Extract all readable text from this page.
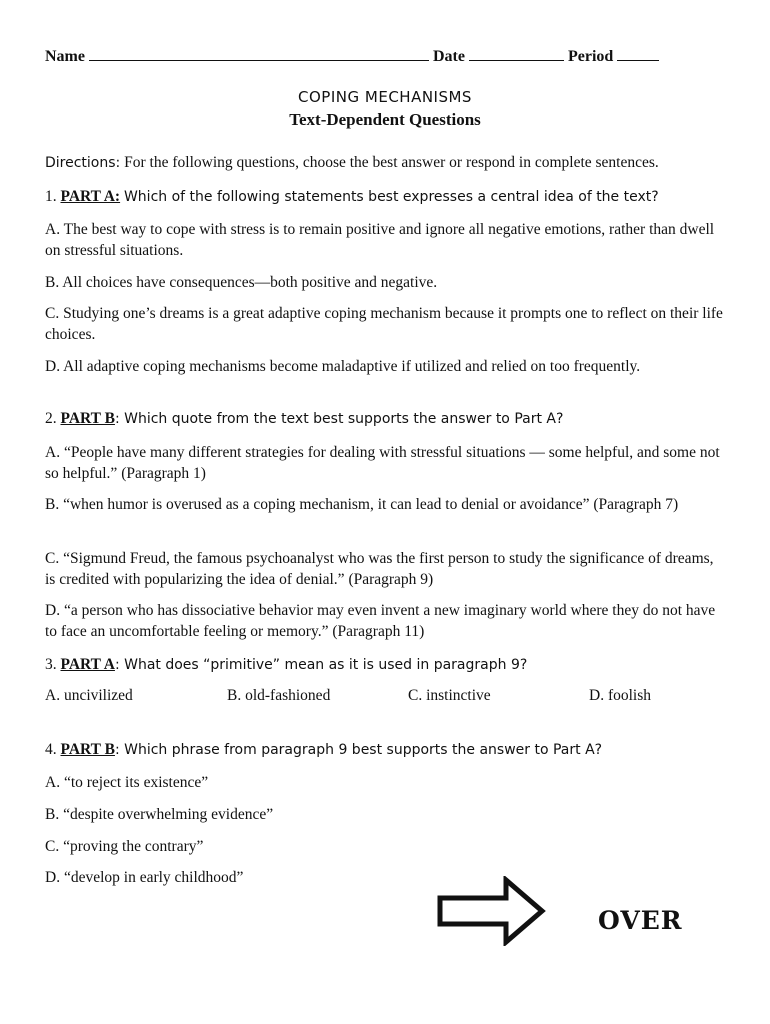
Name	Date	Period
COPING MECHANISMS
Text-Dependent Questions
Directions: For the following questions, choose the best answer or respond in complete sentences.
1. PART A: Which of the following statements best expresses a central idea of the text?
A. The best way to cope with stress is to remain positive and ignore all negative emotions, rather than dwell on stressful situations.
B. All choices have consequences—both positive and negative.
C. Studying one’s dreams is a great adaptive coping mechanism because it prompts one to reflect on their life choices.
D. All adaptive coping mechanisms become maladaptive if utilized and relied on too frequently.
2. PART B: Which quote from the text best supports the answer to Part A?
A. “People have many different strategies for dealing with stressful situations — some helpful, and some not so helpful.” (Paragraph 1)
B. “when humor is overused as a coping mechanism, it can lead to denial or avoidance” (Paragraph 7)
C. “Sigmund Freud, the famous psychoanalyst who was the first person to study the significance of dreams, is credited with popularizing the idea of denial.” (Paragraph 9)
D. “a person who has dissociative behavior may even invent a new imaginary world where they do not have to face an uncomfortable feeling or memory.” (Paragraph 11)
3. PART A: What does “primitive” mean as it is used in paragraph 9?
A. uncivilized	B. old-fashioned	C. instinctive	D. foolish
4. PART B: Which phrase from paragraph 9 best supports the answer to Part A?
A. “to reject its existence”
B. “despite overwhelming evidence”
C. “proving the contrary”
D. “develop in early childhood”
OVER
